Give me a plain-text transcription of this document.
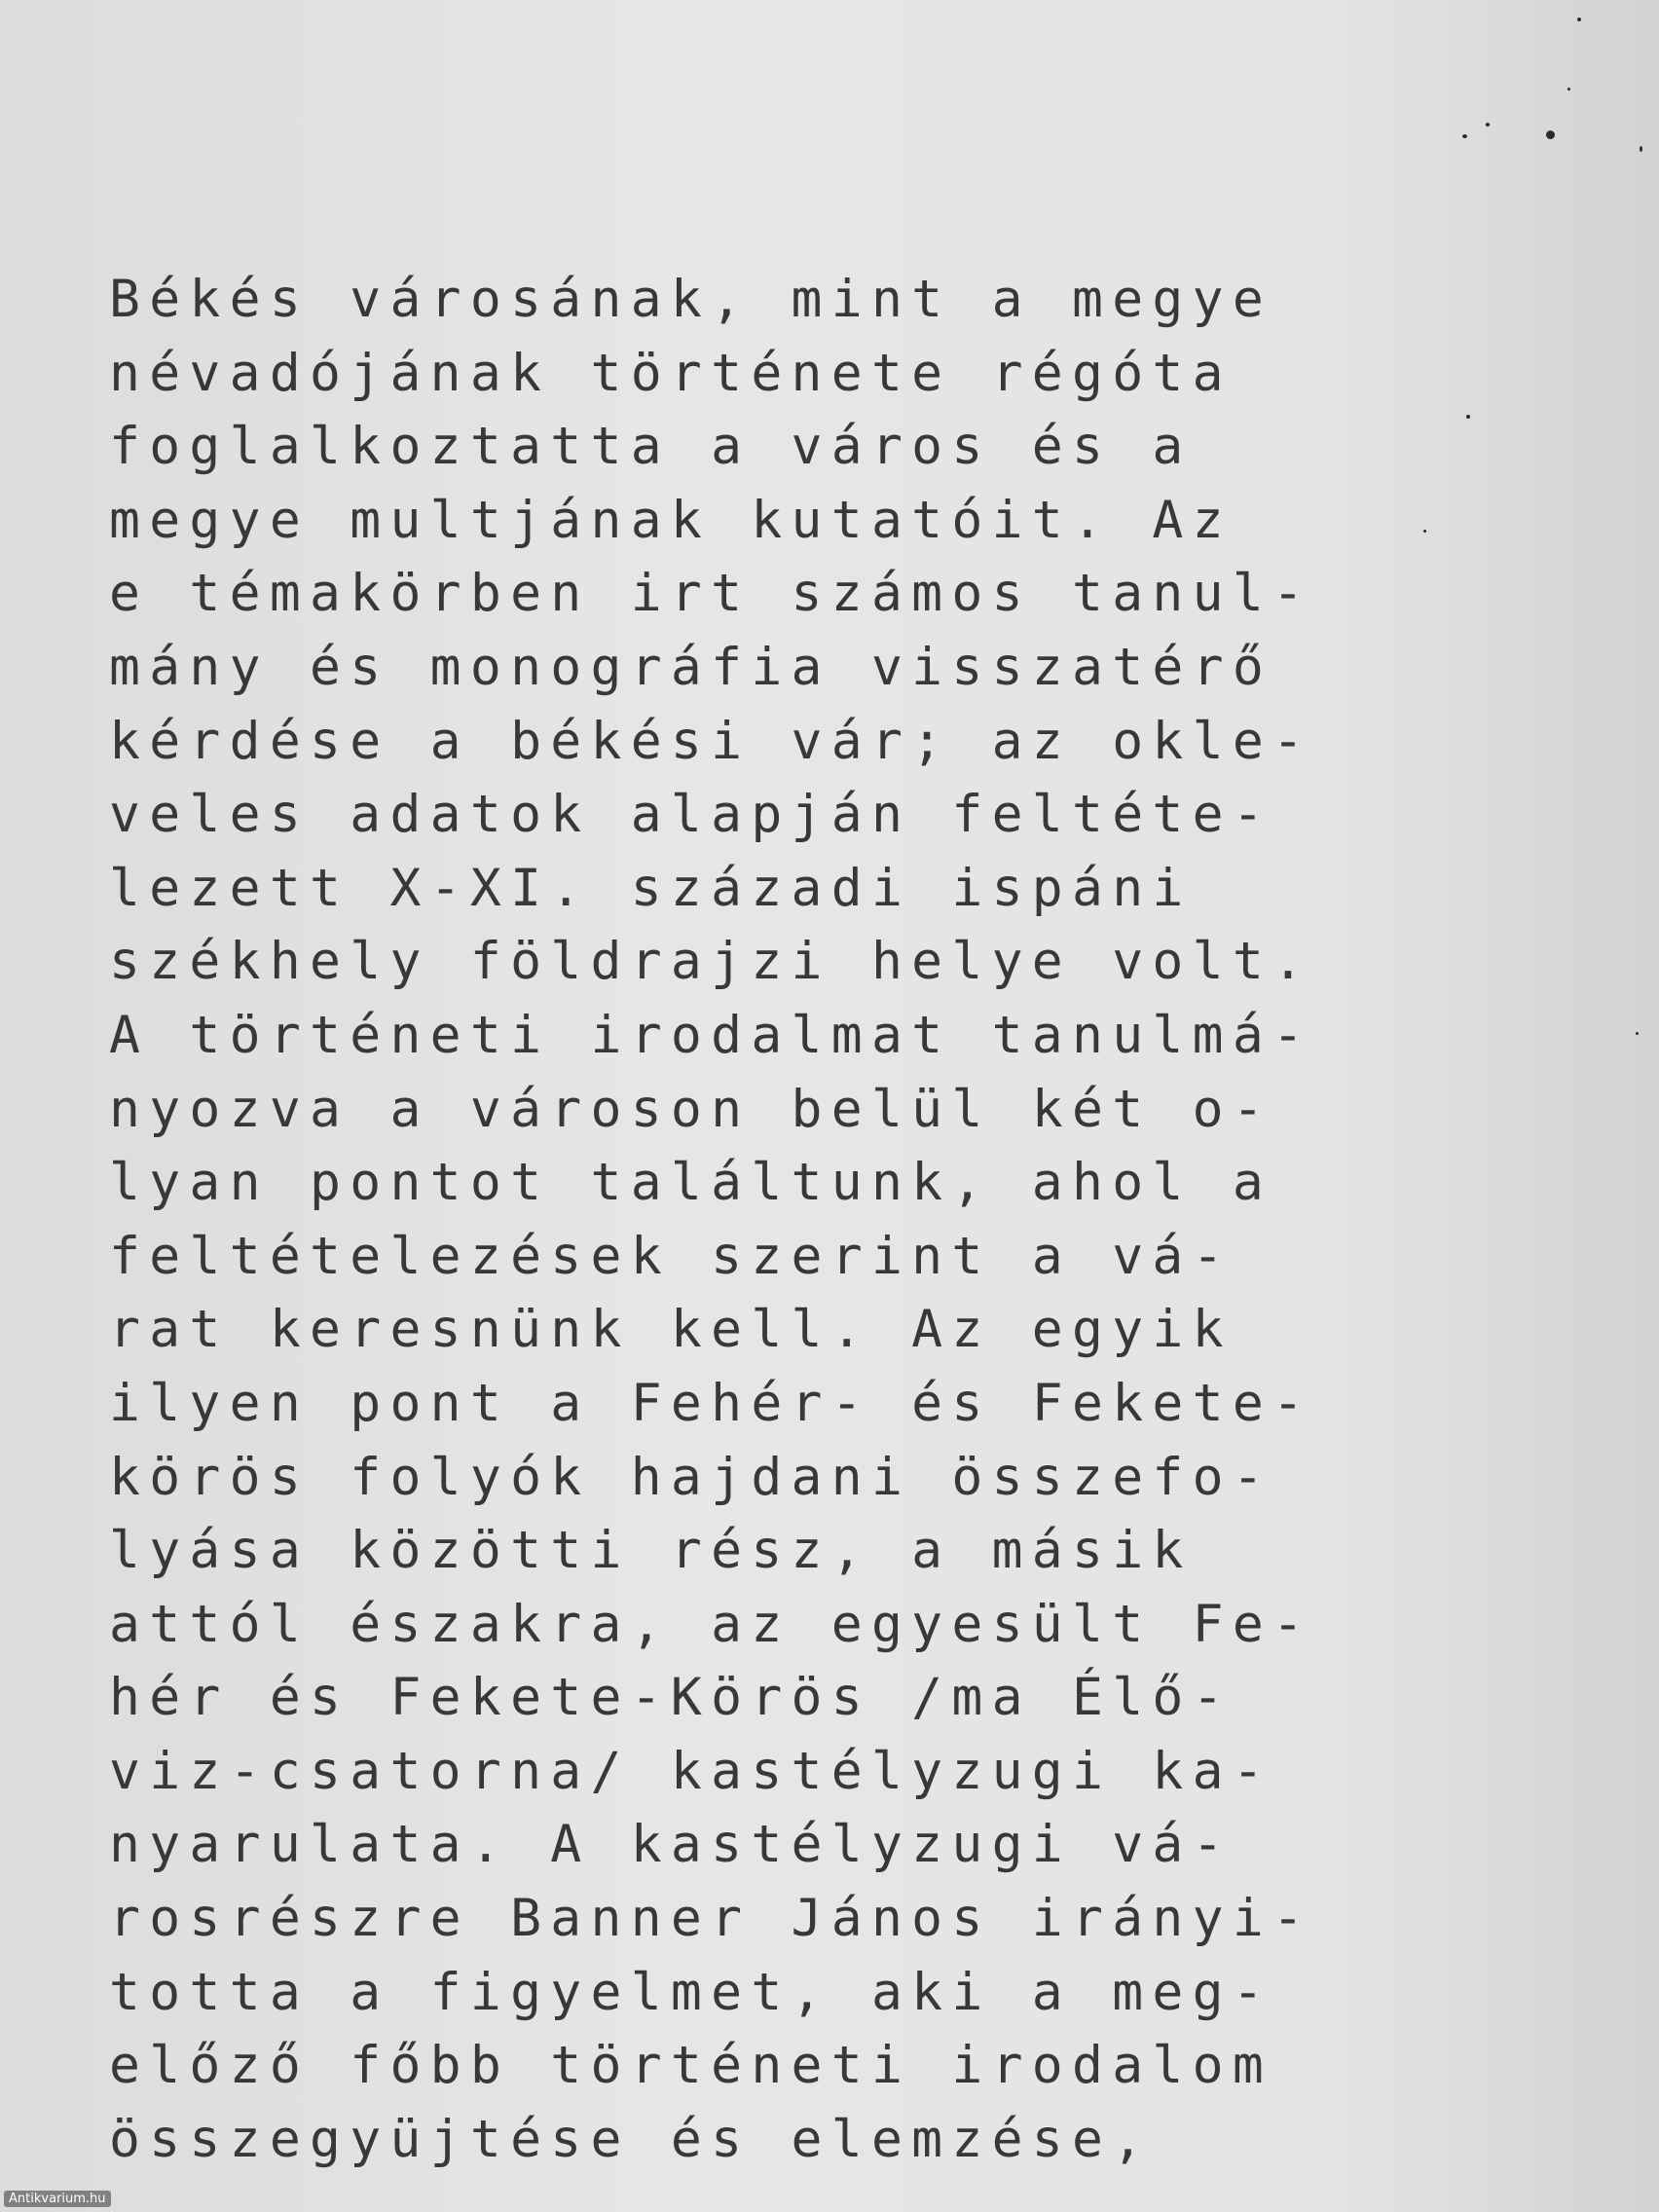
Békés városának, mint a megye
névadójának története régóta
foglalkoztatta a város és a
megye multjának kutatóit. Az
e témakörben irt számos tanul-
mány és monográfia visszatérő
kérdése a békési vár; az okle-
veles adatok alapján feltéte-
lezett X-XI. századi ispáni
székhely földrajzi helye volt.
A történeti irodalmat tanulmá-
nyozva a városon belül két o-
lyan pontot találtunk, ahol a
feltételezések szerint a vá-
rat keresnünk kell. Az egyik
ilyen pont a Fehér- és Fekete-
körös folyók hajdani összefo-
lyása közötti rész, a másik
attól északra, az egyesült Fe-
hér és Fekete-Körös /ma Élő-
viz-csatorna/ kastélyzugi ka-
nyarulata. A kastélyzugi vá-
rosrészre Banner János irányi-
totta a figyelmet, aki a meg-
előző főbb történeti irodalom
összegyüjtése és elemzése,
Antikvarium.hu
